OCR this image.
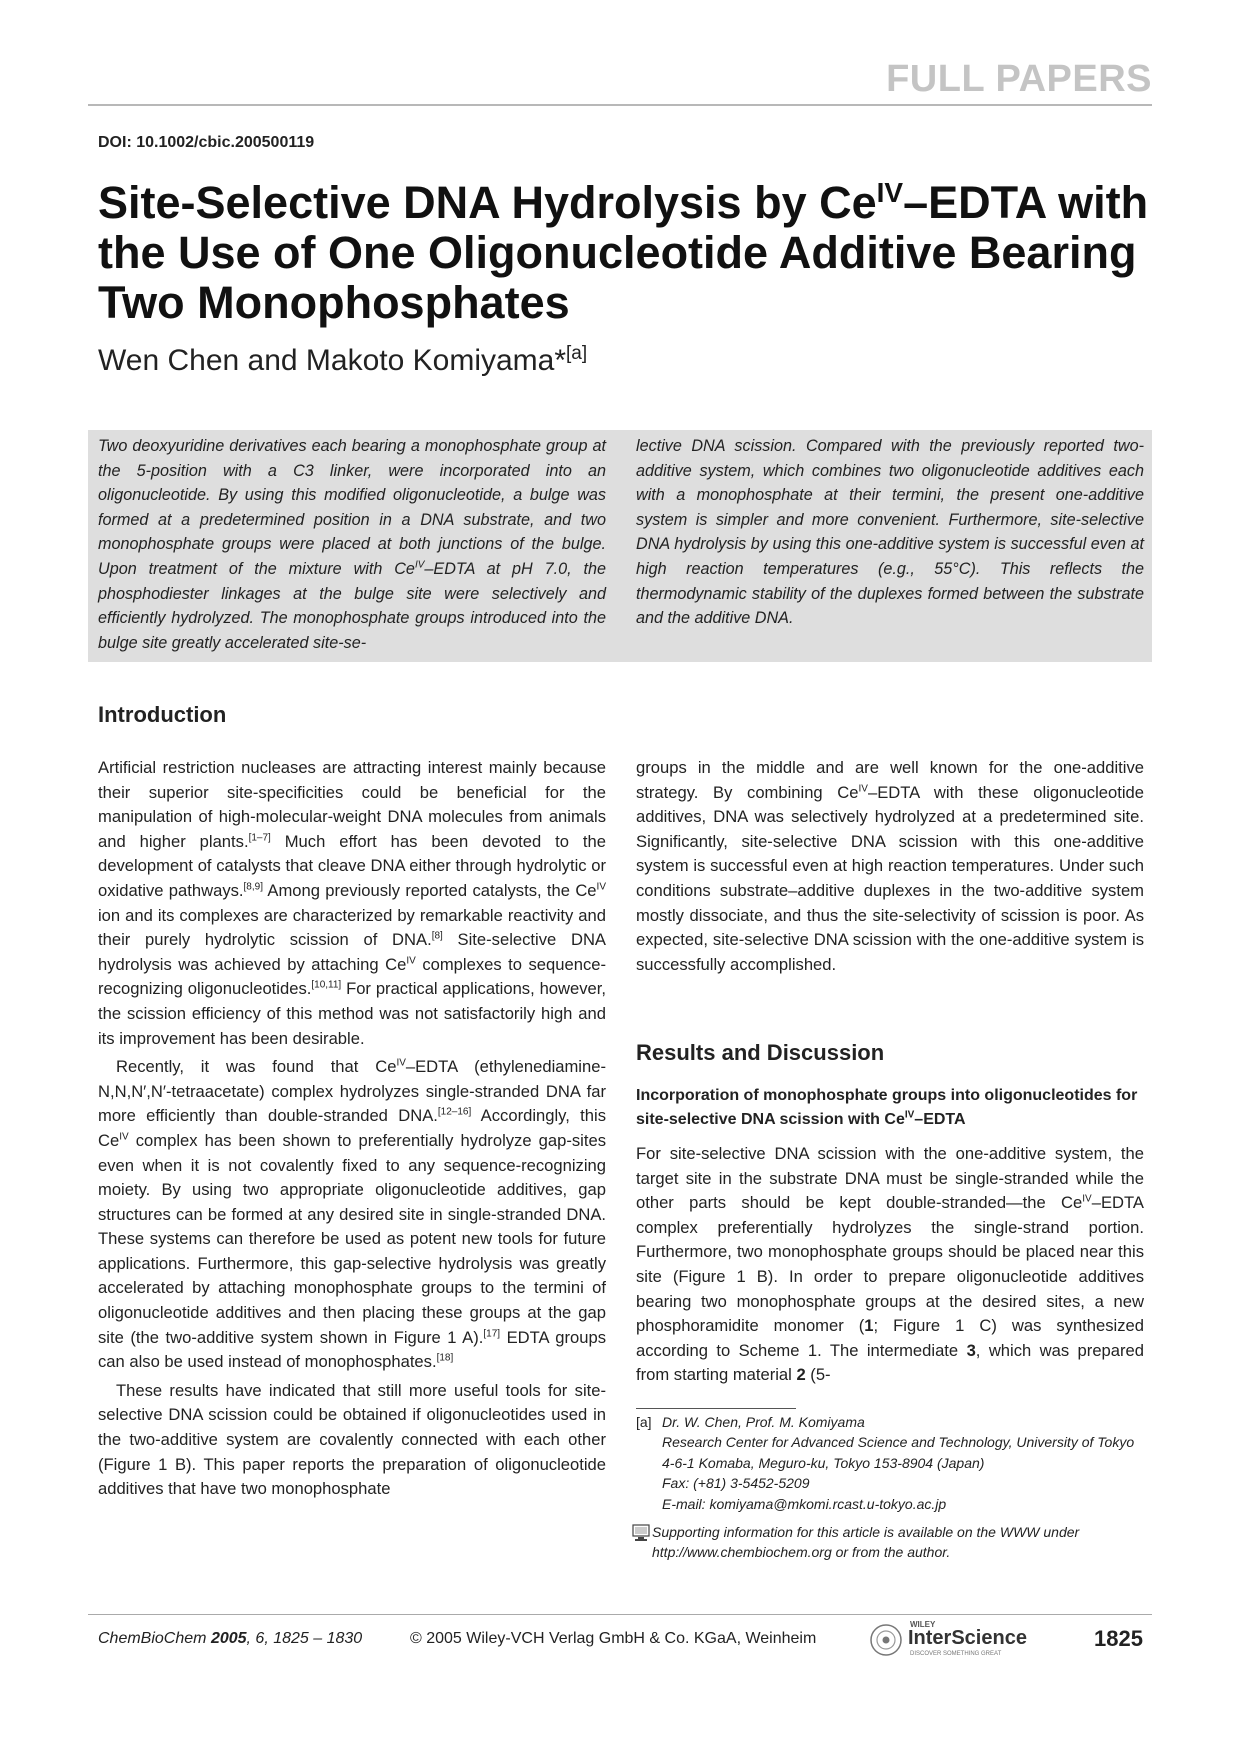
FULL PAPERS
DOI: 10.1002/cbic.200500119
Site-Selective DNA Hydrolysis by $Ce^{IV}$–EDTA with the Use of One Oligonucleotide Additive Bearing Two Monophosphates
Wen Chen and Makoto Komiyama*[a]
Two deoxyuridine derivatives each bearing a monophosphate group at the 5-position with a C3 linker, were incorporated into an oligonucleotide. By using this modified oligonucleotide, a bulge was formed at a predetermined position in a DNA substrate, and two monophosphate groups were placed at both junctions of the bulge. Upon treatment of the mixture with $Ce^{IV}$–EDTA at pH 7.0, the phosphodiester linkages at the bulge site were selectively and efficiently hydrolyzed. The monophosphate groups introduced into the bulge site greatly accelerated site-se-
lective DNA scission. Compared with the previously reported two-additive system, which combines two oligonucleotide additives each with a monophosphate at their termini, the present one-additive system is simpler and more convenient. Furthermore, site-selective DNA hydrolysis by using this one-additive system is successful even at high reaction temperatures (e.g., 55°C). This reflects the thermodynamic stability of the duplexes formed between the substrate and the additive DNA.
Introduction

Artificial restriction nucleases are attracting interest mainly because their superior site-specificities could be beneficial for the manipulation of high-molecular-weight DNA molecules from animals and higher plants.[1–7] Much effort has been devoted to the development of catalysts that cleave DNA either through hydrolytic or oxidative pathways.[8,9] Among previously reported catalysts, the $Ce^{IV}$ ion and its complexes are characterized by remarkable reactivity and their purely hydrolytic scission of DNA.[8] Site-selective DNA hydrolysis was achieved by attaching $Ce^{IV}$ complexes to sequence-recognizing oligonucleotides.[10,11] For practical applications, however, the scission efficiency of this method was not satisfactorily high and its improvement has been desirable.

Recently, it was found that $Ce^{IV}$–EDTA (ethylenediamine-N,N,N′,N′-tetraacetate) complex hydrolyzes single-stranded DNA far more efficiently than double-stranded DNA.[12–16] Accordingly, this $Ce^{IV}$ complex has been shown to preferentially hydrolyze gap-sites even when it is not covalently fixed to any sequence-recognizing moiety. By using two appropriate oligonucleotide additives, gap structures can be formed at any desired site in single-stranded DNA. These systems can therefore be used as potent new tools for future applications. Furthermore, this gap-selective hydrolysis was greatly accelerated by attaching monophosphate groups to the termini of oligonucleotide additives and then placing these groups at the gap site (the two-additive system shown in Figure 1 A).[17] EDTA groups can also be used instead of monophosphates.[18]

These results have indicated that still more useful tools for site-selective DNA scission could be obtained if oligonucleotides used in the two-additive system are covalently connected with each other (Figure 1 B). This paper reports the preparation of oligonucleotide additives that have two monophosphate

groups in the middle and are well known for the one-additive strategy. By combining $Ce^{IV}$–EDTA with these oligonucleotide additives, DNA was selectively hydrolyzed at a predetermined site. Significantly, site-selective DNA scission with this one-additive system is successful even at high reaction temperatures. Under such conditions substrate–additive duplexes in the two-additive system mostly dissociate, and thus the site-selectivity of scission is poor. As expected, site-selective DNA scission with the one-additive system is successfully accomplished.

Results and Discussion
Incorporation of monophosphate groups into oligonucleotides for site-selective DNA scission with $Ce^{IV}$–EDTA

For site-selective DNA scission with the one-additive system, the target site in the substrate DNA must be single-stranded while the other parts should be kept double-stranded—the $Ce^{IV}$–EDTA complex preferentially hydrolyzes the single-strand portion. Furthermore, two monophosphate groups should be placed near this site (Figure 1 B). In order to prepare oligonucleotide additives bearing two monophosphate groups at the desired sites, a new phosphoramidite monomer (1; Figure 1 C) was synthesized according to Scheme 1. The intermediate 3, which was prepared from starting material 2 (5-

[a] Dr. W. Chen, Prof. M. Komiyama
Research Center for Advanced Science and Technology, University of Tokyo
4-6-1 Komaba, Meguro-ku, Tokyo 153-8904 (Japan)
Fax: (+81) 3-5452-5209
E-mail: komiyama@mkomi.rcast.u-tokyo.ac.jp
Supporting information for this article is available on the WWW under http://www.chembiochem.org or from the author.
ChemBioChem 2005, 6, 1825 – 1830	© 2005 Wiley-VCH Verlag GmbH & Co. KGaA, Weinheim
WILEY
InterScience
DISCOVER SOMETHING GREAT
1825
